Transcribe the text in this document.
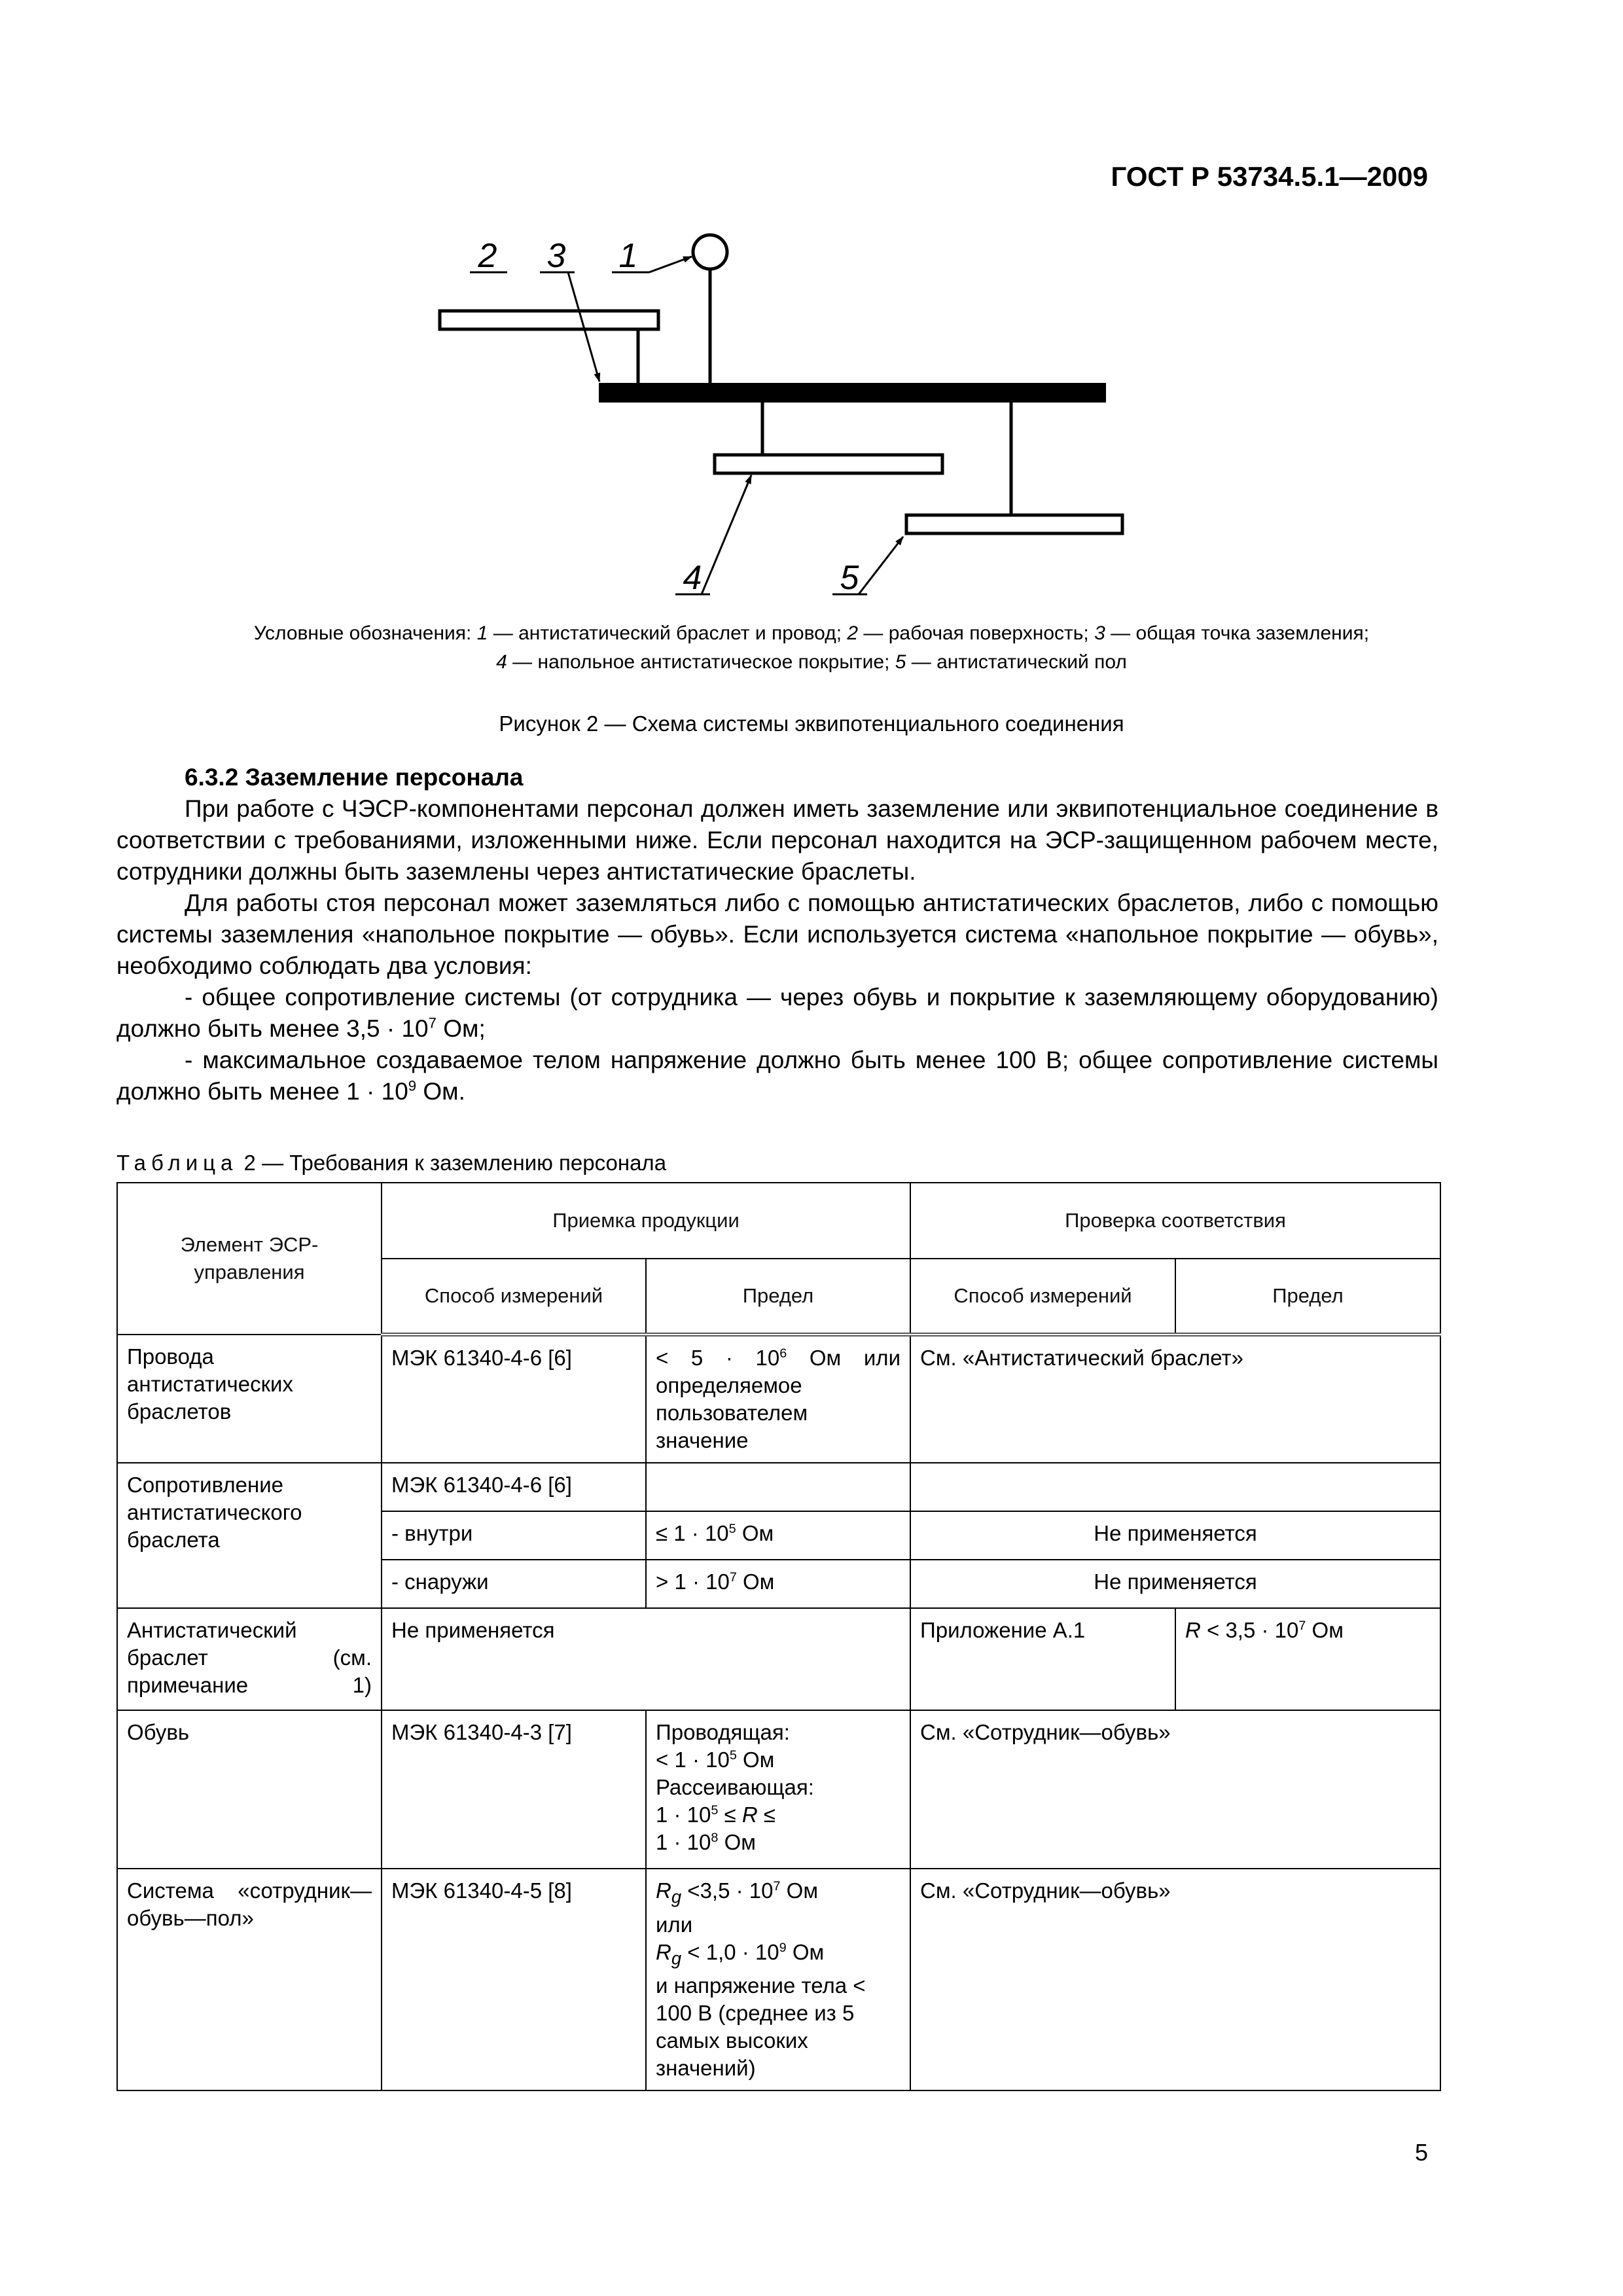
ГОСТ Р 53734.5.1—2009
2 3 1
4	5
Условные обозначения: 1 — антистатический браслет и провод; 2 — рабочая поверхность; 3 — общая точка заземления;
4 — напольное антистатическое покрытие; 5 — антистатический пол
Рисунок 2 — Схема системы эквипотенциального соединения

6.3.2 Заземление персонала

При работе с ЧЭСР-компонентами персонал должен иметь заземление или эквипотенциальное соединение в соответствии с требованиями, изложенными ниже. Если персонал находится на ЭСР-защищенном рабочем месте, сотрудники должны быть заземлены через антистатические браслеты.

Для работы стоя персонал может заземляться либо с помощью антистатических браслетов, либо с помощью системы заземления «напольное покрытие — обувь». Если используется система «напольное покрытие — обувь», необходимо соблюдать два условия:

- общее сопротивление системы (от сотрудника — через обувь и покрытие к заземляющему оборудованию) должно быть менее $3,5 \cdot 10^7$ Ом;

- максимальное создаваемое телом напряжение должно быть менее 100 В; общее сопротивление системы должно быть менее $1 \cdot 10^9$ Ом.

Таблица 2 — Требования к заземлению персонала
Элемент ЭСР-управления	Приемка продукции		Проверка соответствия	
	Способ измерений	Предел	Способ измерений	Предел
Провода антистатических браслетов	МЭК 61340-4-6 [6]	< $5 \cdot 10^6$ Ом или определяемое пользователем значение	См. «Антистатический браслет»	
Сопротивление антистатического браслета	МЭК 61340-4-6 [6]			
	- внутри	≤ $1 \cdot 10^5$ Ом	Не применяется	
	- снаружи	> $1 \cdot 10^7$ Ом	Не применяется	
Антистатический браслет (см. примечание 1)	Не применяется		Приложение А.1	$R < 3,5 \cdot 10^7$ Ом
Обувь	МЭК 61340-4-3 [7]	Проводящая:
< $1 \cdot 10^5$ Ом
Рассеивающая:
$1 \cdot 10^5 \le R$ ≤
$1 \cdot 10^8$ Ом	См. «Сотрудник—обувь»	
Система «сотрудник—обувь—пол»	МЭК 61340-4-5 [8]	$R_g <3,5 \cdot 10^7$ Ом
или
$R_g < 1,0 \cdot 10^9$ Ом
и напряжение тела < 100 В (среднее из 5 самых высоких значений)	См. «Сотрудник—обувь»	
5
